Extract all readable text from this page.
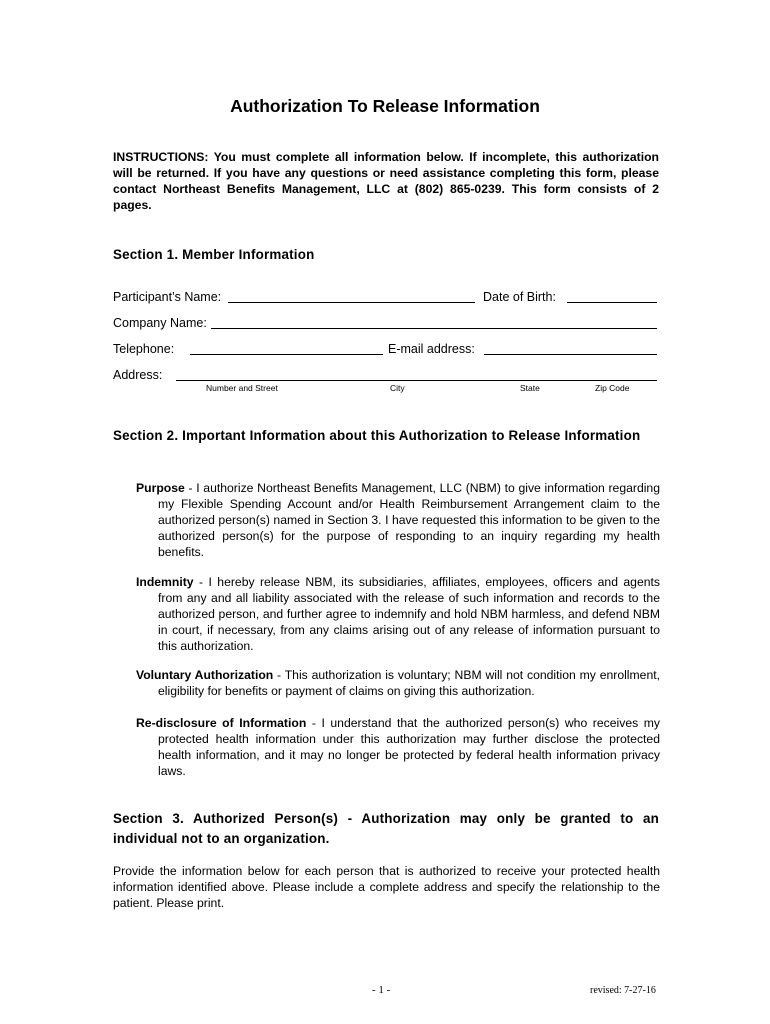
Authorization To Release Information
INSTRUCTIONS: You must complete all information below. If incomplete, this authorization will be returned. If you have any questions or need assistance completing this form, please contact Northeast Benefits Management, LLC at (802) 865-0239. This form consists of 2 pages.
Section 1. Member Information
Participant’s Name:	Date of Birth:
Company Name:
Telephone:	E-mail address:
Address:
Number and Street	City	State	Zip Code
Section 2. Important Information about this Authorization to Release Information
Purpose - I authorize Northeast Benefits Management, LLC (NBM) to give information regarding my Flexible Spending Account and/or Health Reimbursement Arrangement claim to the authorized person(s) named in Section 3. I have requested this information to be given to the authorized person(s) for the purpose of responding to an inquiry regarding my health benefits.
Indemnity - I hereby release NBM, its subsidiaries, affiliates, employees, officers and agents from any and all liability associated with the release of such information and records to the authorized person, and further agree to indemnify and hold NBM harmless, and defend NBM in court, if necessary, from any claims arising out of any release of information pursuant to this authorization.
Voluntary Authorization - This authorization is voluntary; NBM will not condition my enrollment, eligibility for benefits or payment of claims on giving this authorization.
Re-disclosure of Information - I understand that the authorized person(s) who receives my protected health information under this authorization may further disclose the protected health information, and it may no longer be protected by federal health information privacy laws.
Section 3. Authorized Person(s) - Authorization may only be granted to an individual not to an organization.
Provide the information below for each person that is authorized to receive your protected health information identified above. Please include a complete address and specify the relationship to the patient. Please print.
- 1 -	revised: 7-27-16
